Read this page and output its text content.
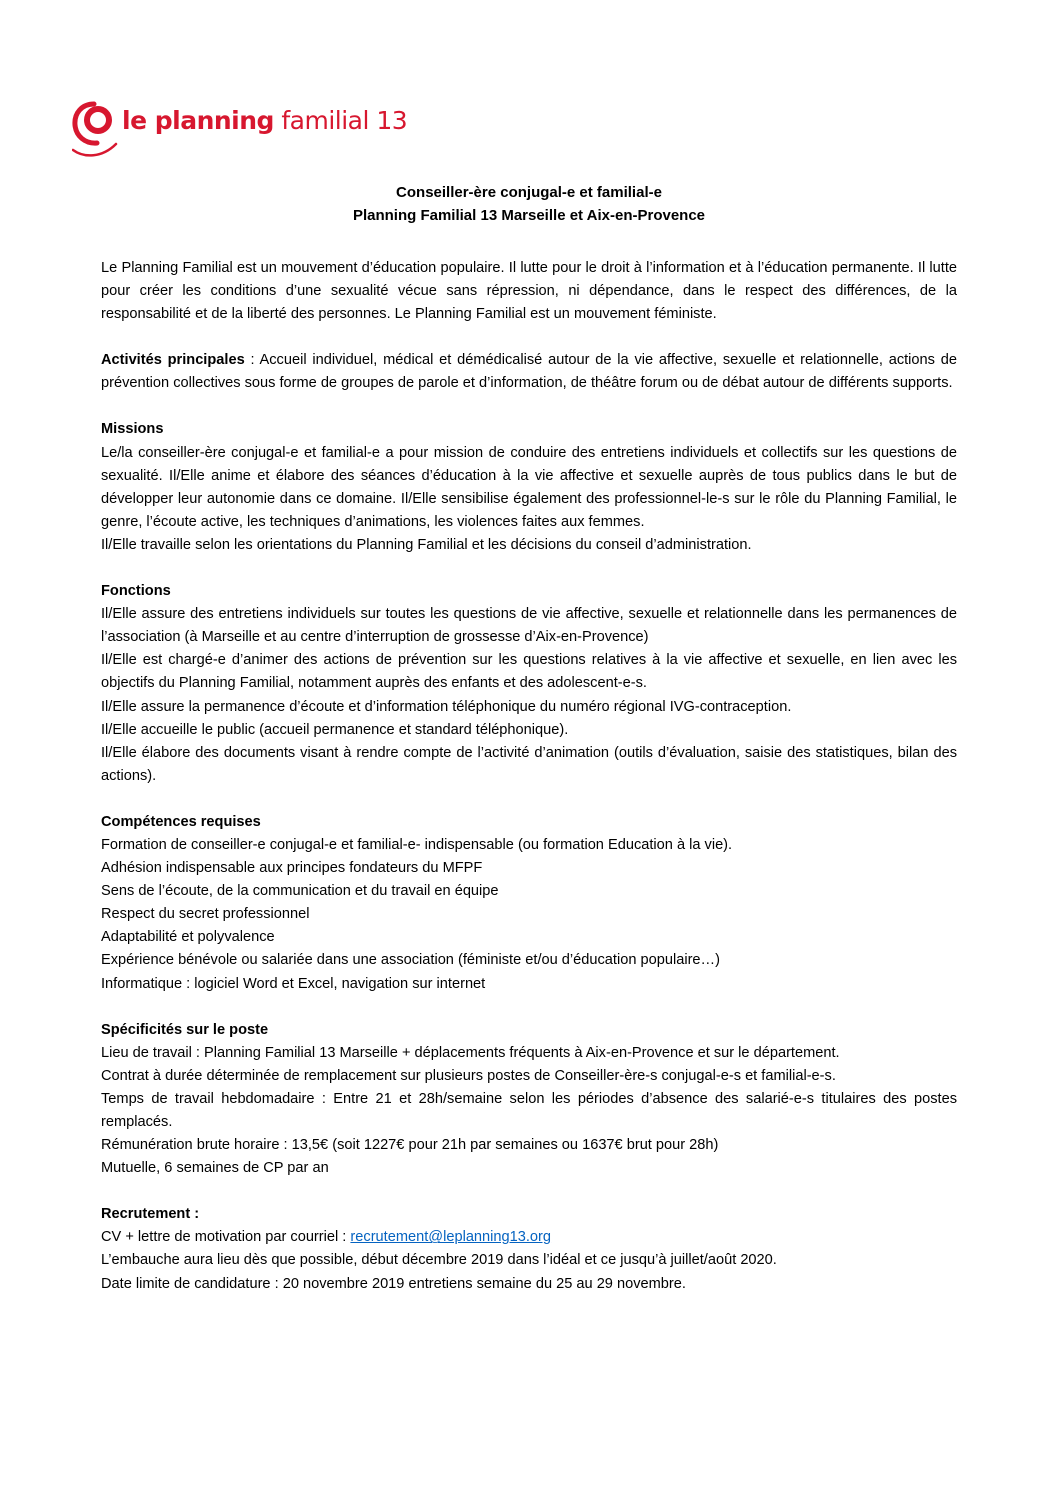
le planning familial 13
Conseiller-ère conjugal-e et familial-e
Planning Familial 13 Marseille et Aix-en-Provence

Le Planning Familial est un mouvement d’éducation populaire. Il lutte pour le droit à l’information et à l’éducation permanente. Il lutte pour créer les conditions d’une sexualité vécue sans répression, ni dépendance, dans le respect des différences, de la responsabilité et de la liberté des personnes. Le Planning Familial est un mouvement féministe.

Activités principales : Accueil individuel, médical et démédicalisé autour de la vie affective, sexuelle et relationnelle, actions de prévention collectives sous forme de groupes de parole et d’information, de théâtre forum ou de débat autour de différents supports.

Missions

Le/la conseiller-ère conjugal-e et familial-e a pour mission de conduire des entretiens individuels et collectifs sur les questions de sexualité. Il/Elle anime et élabore des séances d’éducation à la vie affective et sexuelle auprès de tous publics dans le but de développer leur autonomie dans ce domaine. Il/Elle sensibilise également des professionnel-le-s sur le rôle du Planning Familial, le genre, l’écoute active, les techniques d’animations, les violences faites aux femmes.

Il/Elle travaille selon les orientations du Planning Familial et les décisions du conseil d’administration.

Fonctions

Il/Elle assure des entretiens individuels sur toutes les questions de vie affective, sexuelle et relationnelle dans les permanences de l’association (à Marseille et au centre d’interruption de grossesse d’Aix-en-Provence)

Il/Elle est chargé-e d’animer des actions de prévention sur les questions relatives à la vie affective et sexuelle, en lien avec les objectifs du Planning Familial, notamment auprès des enfants et des adolescent-e-s.

Il/Elle assure la permanence d’écoute et d’information téléphonique du numéro régional IVG-contraception.

Il/Elle accueille le public (accueil permanence et standard téléphonique).

Il/Elle élabore des documents visant à rendre compte de l’activité d’animation (outils d’évaluation, saisie des statistiques, bilan des actions).

Compétences requises

Formation de conseiller-e conjugal-e et familial-e- indispensable (ou formation Education à la vie).

Adhésion indispensable aux principes fondateurs du MFPF

Sens de l’écoute, de la communication et du travail en équipe

Respect du secret professionnel

Adaptabilité et polyvalence

Expérience bénévole ou salariée dans une association (féministe et/ou d’éducation populaire…)

Informatique : logiciel Word et Excel, navigation sur internet

Spécificités sur le poste

Lieu de travail : Planning Familial 13 Marseille + déplacements fréquents à Aix-en-Provence et sur le département.

Contrat à durée déterminée de remplacement sur plusieurs postes de Conseiller-ère-s conjugal-e-s et familial-e-s.

Temps de travail hebdomadaire : Entre 21 et 28h/semaine selon les périodes d’absence des salarié-e-s titulaires des postes remplacés.

Rémunération brute horaire : 13,5€ (soit 1227€ pour 21h par semaines ou 1637€ brut pour 28h)

Mutuelle, 6 semaines de CP par an

Recrutement :

CV + lettre de motivation par courriel : recrutement@leplanning13.org

L’embauche aura lieu dès que possible, début décembre 2019 dans l’idéal et ce jusqu’à juillet/août 2020.

Date limite de candidature : 20 novembre 2019 entretiens semaine du 25 au 29 novembre.
